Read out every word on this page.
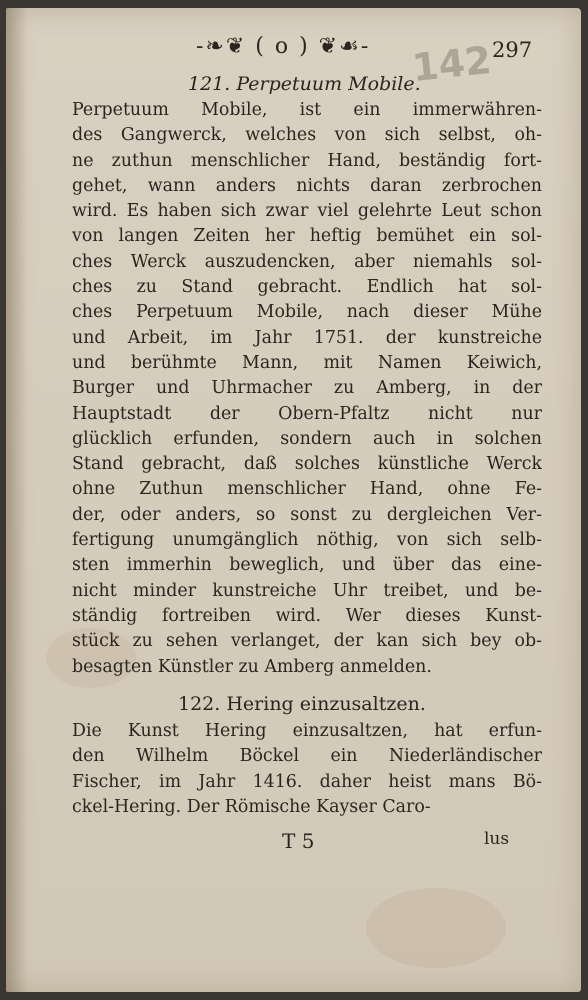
-❧❦ ( o ) ❦☙- 142
297
121. Perpetuum Mobile.
Perpetuum Mobile, ist ein immerwähren-
des Gangwerck, welches von sich selbst, oh-
ne zuthun menschlicher Hand, beständig fort-
gehet, wann anders nichts daran zerbrochen
wird. Es haben sich zwar viel gelehrte Leut schon
von langen Zeiten her heftig bemühet ein sol-
ches Werck auszudencken, aber niemahls sol-
ches zu Stand gebracht. Endlich hat sol-
ches Perpetuum Mobile, nach dieser Mühe
und Arbeit, im Jahr 1751. der kunstreiche
und berühmte Mann, mit Namen Keiwich,
Burger und Uhrmacher zu Amberg, in der
Hauptstadt der Obern-Pfaltz nicht nur
glücklich erfunden, sondern auch in solchen
Stand gebracht, daß solches künstliche Werck
ohne Zuthun menschlicher Hand, ohne Fe-
der, oder anders, so sonst zu dergleichen Ver-
fertigung unumgänglich nöthig, von sich selb-
sten immerhin beweglich, und über das eine-
nicht minder kunstreiche Uhr treibet, und be-
ständig fortreiben wird. Wer dieses Kunst-
stück zu sehen verlanget, der kan sich bey ob-
besagten Künstler zu Amberg anmelden.
122. Hering einzusaltzen.
Die Kunst Hering einzusaltzen, hat erfun-
den Wilhelm Böckel ein Niederländischer
Fischer, im Jahr 1416. daher heist mans Bö-
ckel-Hering. Der Römische Kayser Caro-
T 5	lus
